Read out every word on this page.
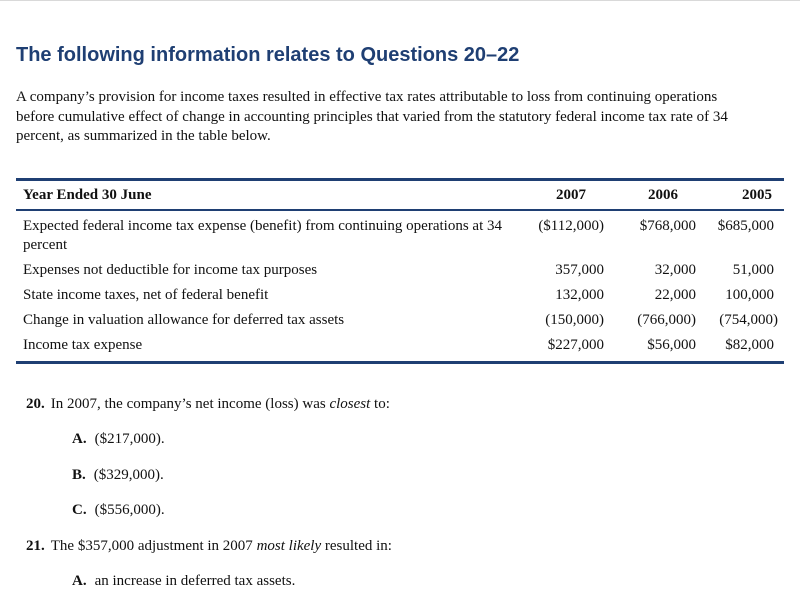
The following information relates to Questions 20–22

A company’s provision for income taxes resulted in effective tax rates attributable to loss from continuing operations
before cumulative effect of change in accounting principles that varied from the statutory federal income tax rate of 34
percent, as summarized in the table below.

Year Ended 30 June	2007	2006	2005
Expected federal income tax expense (benefit) from continuing operations at 34 percent	($112,000)	$768,000	$685,000
Expenses not deductible for income tax purposes	357,000	32,000	51,000
State income taxes, net of federal benefit	132,000	22,000	100,000
Change in valuation allowance for deferred tax assets	(150,000)	(766,000)	(754,000)
Income tax expense	$227,000	$56,000	$82,000

20. In 2007, the company’s net income (loss) was closest to:

A. ($217,000).

B. ($329,000).

C. ($556,000).

21. The $357,000 adjustment in 2007 most likely resulted in:

A. an increase in deferred tax assets.
